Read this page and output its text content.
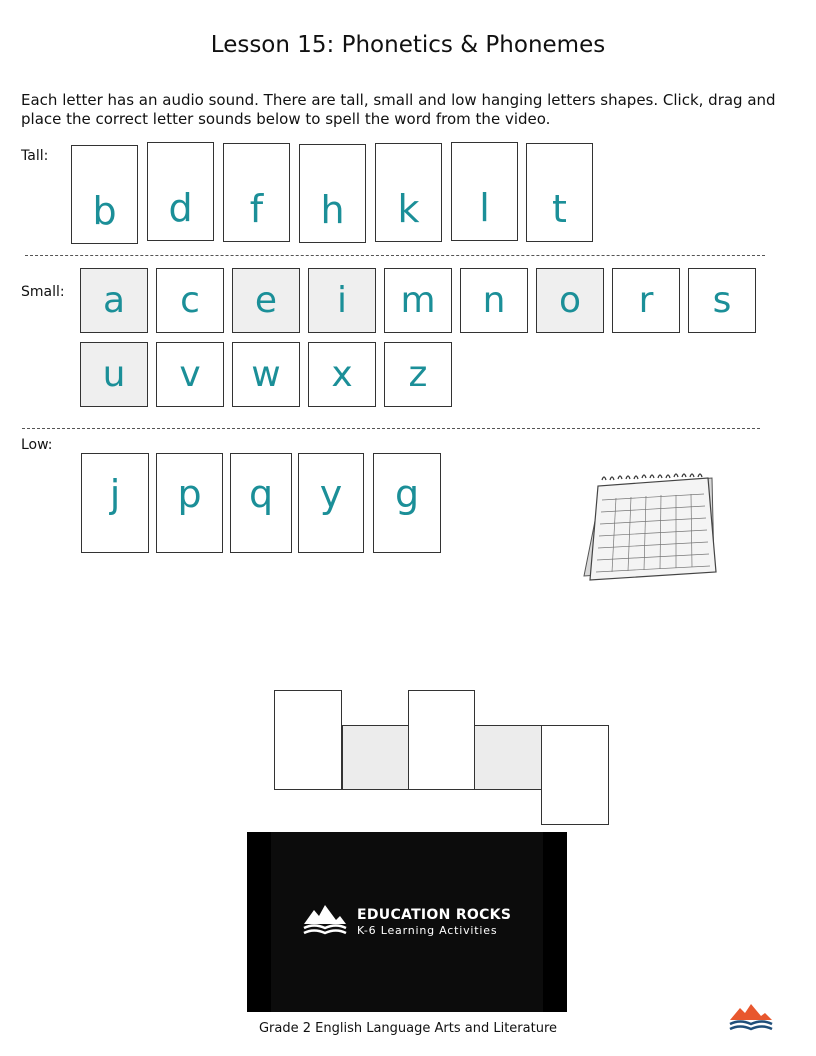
Lesson 15: Phonetics & Phonemes
Each letter has an audio sound. There are tall, small and low hanging letters shapes. Click, drag and place the correct letter sounds below to spell the word from the video.
Tall:
Small:
Low:
EDUCATION ROCKS
K-6 Learning Activities
Grade 2 English Language Arts and Literature
b	d	f	h	k	l	t
a	c	e	i	m	n	o	r	s
u	v	w	x	z
j	p	q	y	g
